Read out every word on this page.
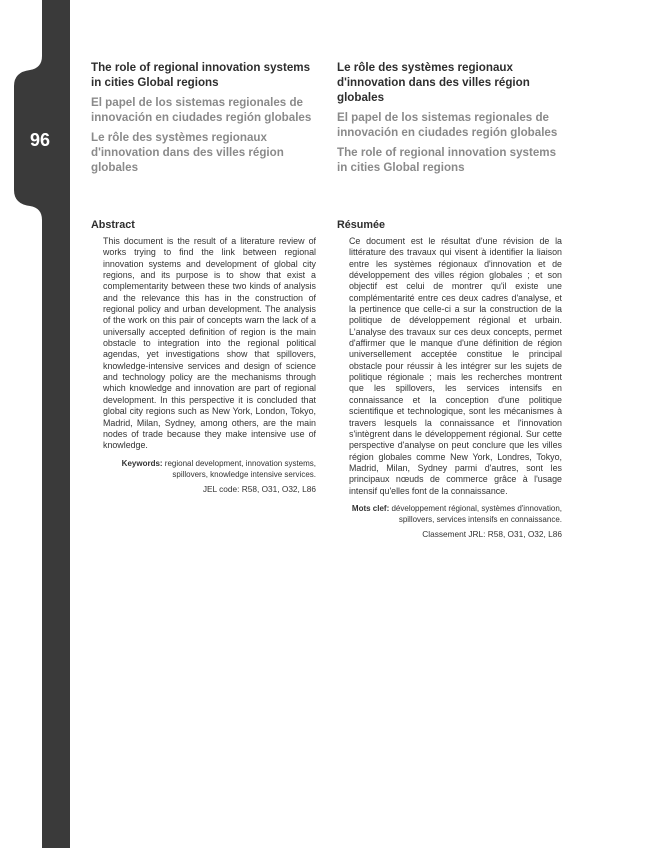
96
Henry Caicedo Asprilla

The role of regional innovation systems in cities Global regions

El papel de los sistemas regionales de innovación en ciudades región globales

Le rôle des systèmes regionaux d'innovation dans des villes région globales

Le rôle des systèmes regionaux d'innovation dans des villes région globales

El papel de los sistemas regionales de innovación en ciudades región globales

The role of regional innovation systems in cities Global regions

Abstract

This document is the result of a literature review of works trying to find the link between regional innovation systems and development of global city regions, and its purpose is to show that exist a complementarity between these two kinds of analysis and the relevance this has in the construction of regional policy and urban development. The analysis of the work on this pair of concepts warn the lack of a universally accepted definition of region is the main obstacle to integration into the regional political agendas, yet investigations show that spillovers, knowledge-intensive services and design of science and technology policy are the mechanisms through which knowledge and innovation are part of regional development. In this perspective it is concluded that global city regions such as New York, London, Tokyo, Madrid, Milan, Sydney, among others, are the main nodes of trade because they make intensive use of knowledge.

Keywords: regional development, innovation systems, spillovers, knowledge intensive services.

JEL code: R58, O31, O32, L86

Résumée

Ce document est le résultat d'une révision de la littérature des travaux qui visent à identifier la liaison entre les systèmes régionaux d'innovation et de développement des villes région globales ; et son objectif est celui de montrer qu'il existe une complémentarité entre ces deux cadres d'analyse, et la pertinence que celle-ci a sur la construction de la politique de développement régional et urbain. L'analyse des travaux sur ces deux concepts, permet d'affirmer que le manque d'une définition de région universellement acceptée constitue le principal obstacle pour réussir à les intégrer sur les sujets de politique régionale ; mais les recherches montrent que les spillovers, les services intensifs en connaissance et la conception d'une politique scientifique et technologique, sont les mécanismes à travers lesquels la connaissance et l'innovation s'intègrent dans le développement régional. Sur cette perspective d'analyse on peut conclure que les villes région globales comme New York, Londres, Tokyo, Madrid, Milan, Sydney parmi d'autres, sont les principaux nœuds de commerce grâce à l'usage intensif qu'elles font de la connaissance.

Mots clef: développement régional, systèmes d'innovation, spillovers, services intensifs en connaissance.

Classement JRL: R58, O31, O32, L86
